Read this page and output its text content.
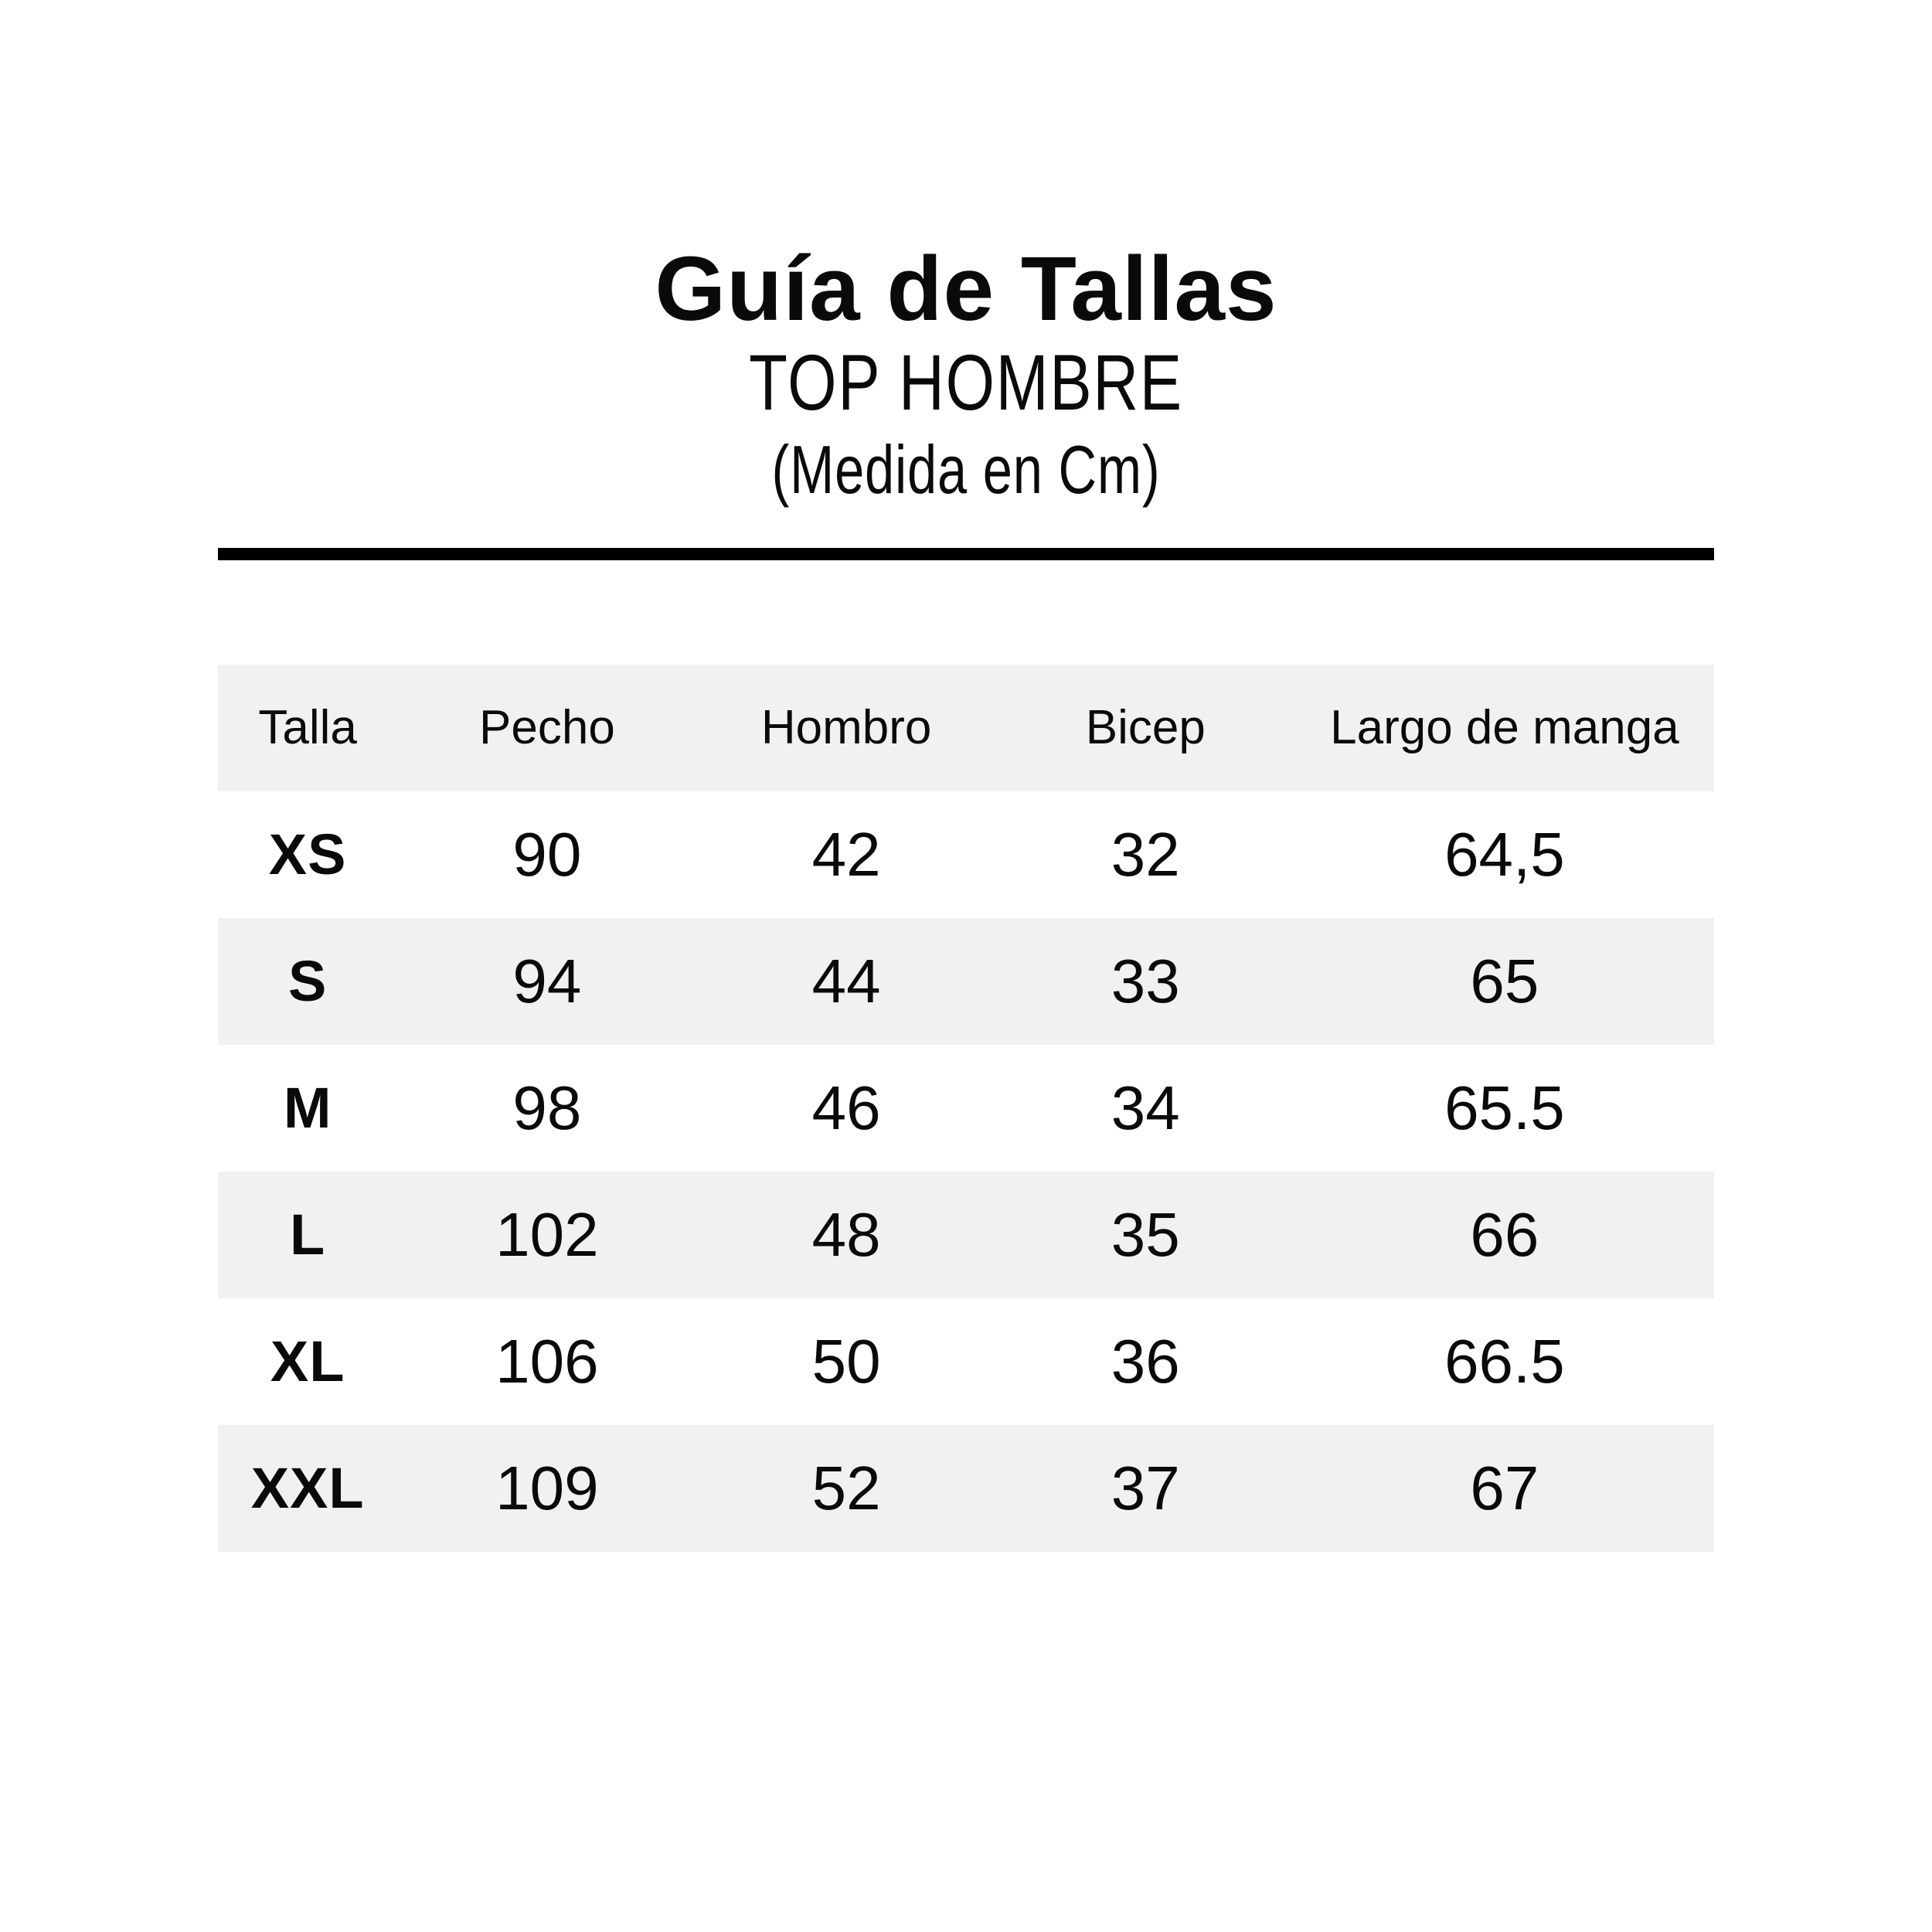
Guía de Tallas
TOP HOMBRE
(Medida en Cm)
Talla	Pecho	Hombro	Bicep	Largo de manga
XS	90	42	32	64,5
S	94	44	33	65
M	98	46	34	65.5
L	102	48	35	66
XL	106	50	36	66.5
XXL	109	52	37	67
